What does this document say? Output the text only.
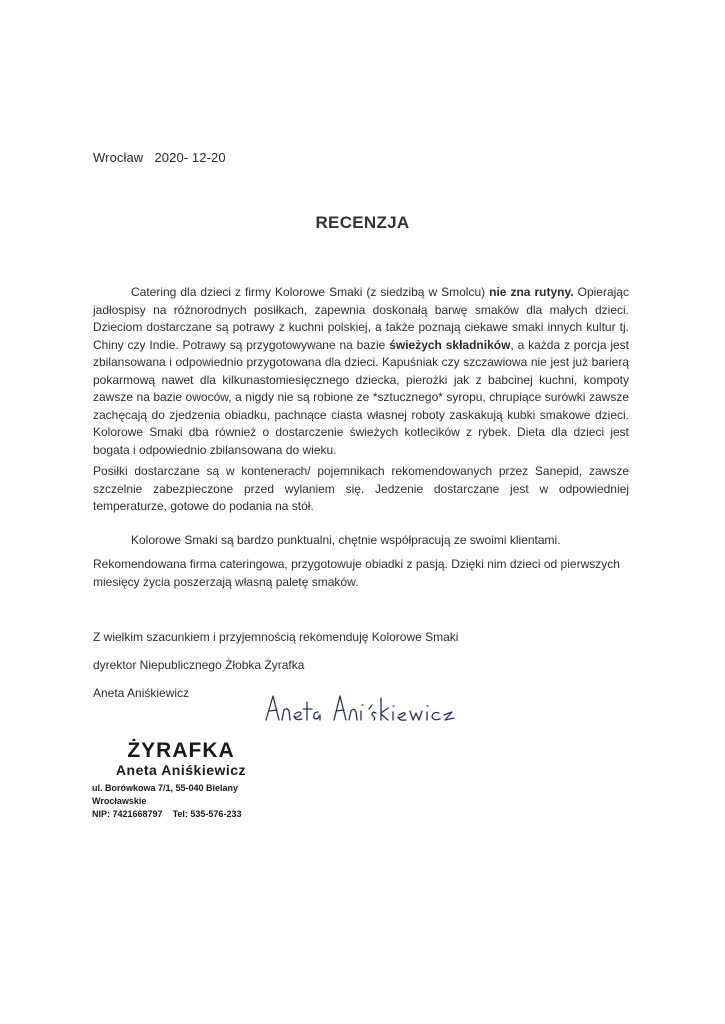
Wrocław 2020- 12-20
RECENZJA
Catering dla dzieci z firmy Kolorowe Smaki (z siedzibą w Smolcu) nie zna rutyny. Opierając jadłospisy na różnorodnych posiłkach, zapewnia doskonałą barwę smaków dla małych dzieci. Dzieciom dostarczane są potrawy z kuchni polskiej, a także poznają ciekawe smaki innych kultur tj. Chiny czy Indie. Potrawy są przygotowywane na bazie świeżych składników, a każda z porcja jest zbilansowana i odpowiednio przygotowana dla dzieci. Kapuśniak czy szczawiowa nie jest już barierą pokarmową nawet dla kilkunastomiesięcznego dziecka, pierożki jak z babcinej kuchni, kompoty zawsze na bazie owoców, a nigdy nie są robione ze *sztucznego* syropu, chrupiące surówki zawsze zachęcają do zjedzenia obiadku, pachnące ciasta własnej roboty zaskakują kubki smakowe dzieci. Kolorowe Smaki dba również o dostarczenie świeżych kotlecików z rybek. Dieta dla dzieci jest bogata i odpowiednio zbilansowana do wieku.
Posiłki dostarczane są w kontenerach/ pojemnikach rekomendowanych przez Sanepid, zawsze szczelnie zabezpieczone przed wylaniem się. Jedzenie dostarczane jest w odpowiedniej temperaturze, gotowe do podania na stół.
Kolorowe Smaki są bardzo punktualni, chętnie współpracują ze swoimi klientami.
Rekomendowana firma cateringowa, przygotowuje obiadki z pasją. Dzięki nim dzieci od pierwszych miesięcy życia poszerzają własną paletę smaków.
Z wielkim szacunkiem i przyjemnością rekomenduję Kolorowe Smaki
dyrektor Niepublicznego Żłobka Żyrafka
Aneta Aniśkiewicz
ŻYRAFKA
Aneta Aniśkiewicz
ul. Borówkowa 7/1, 55-040 Bielany Wrocławskie
NIP: 7421668797 Tel: 535-576-233
